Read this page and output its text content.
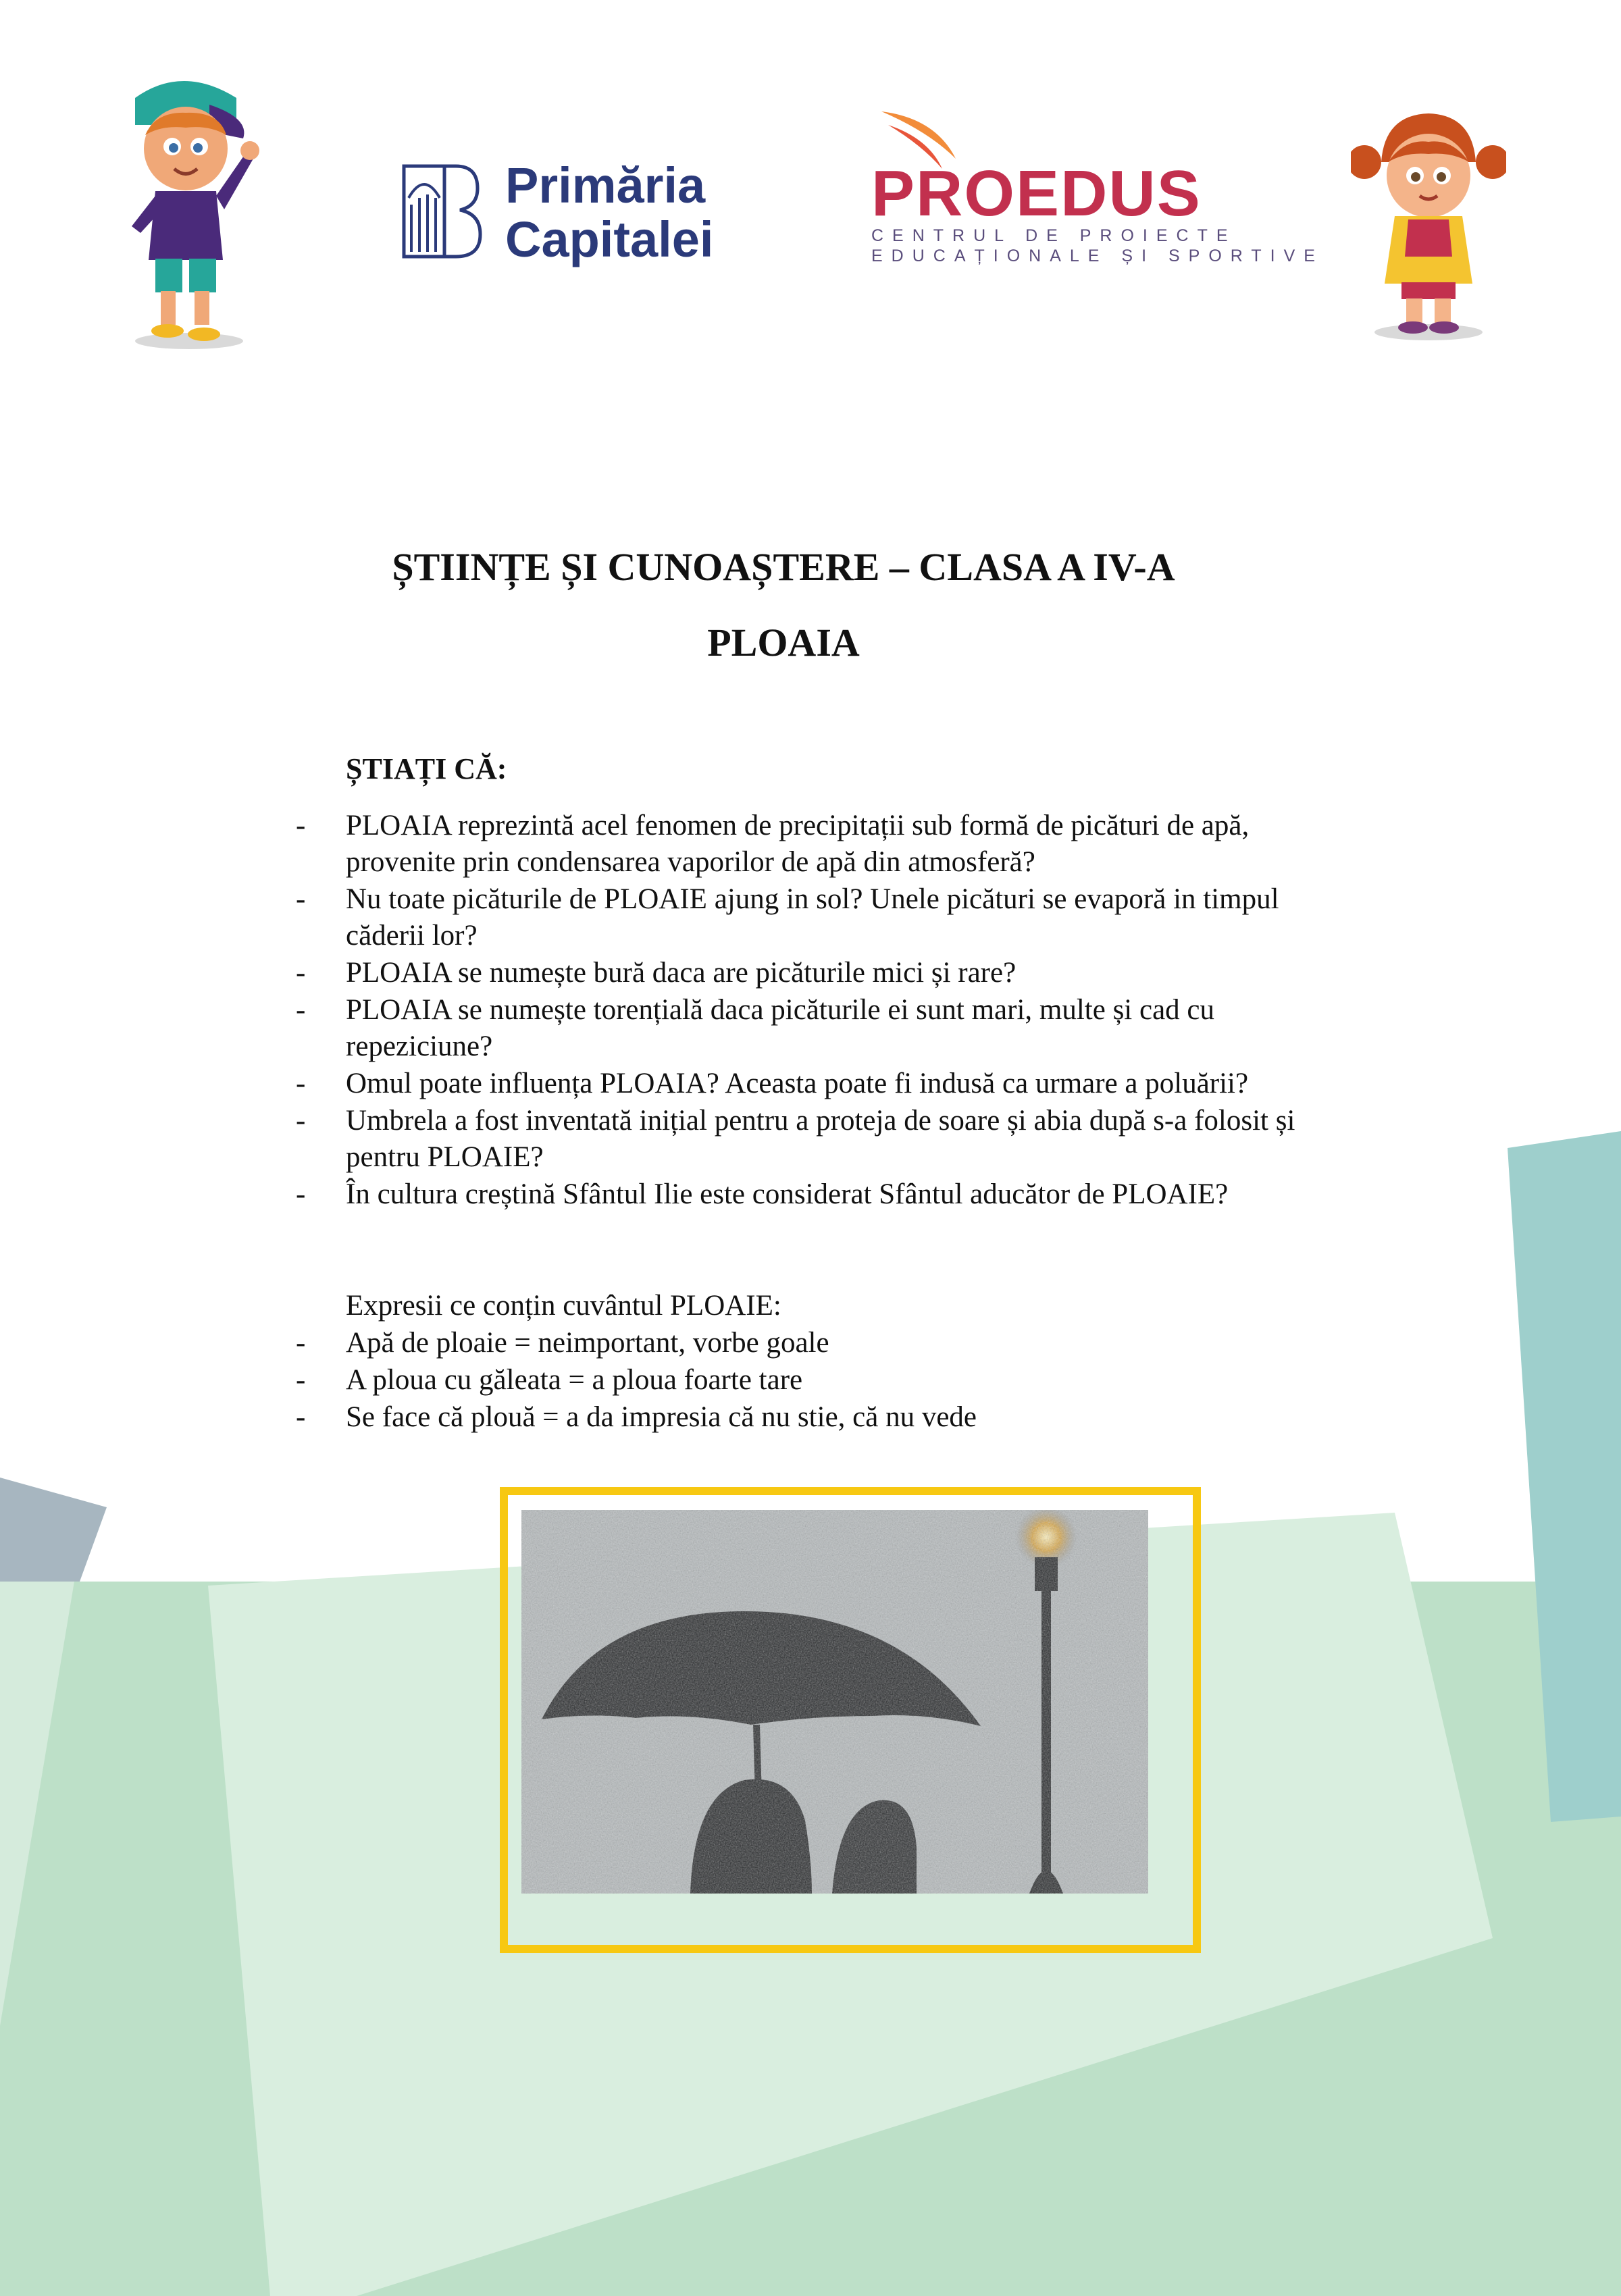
Primăria
Capitalei
PROEDUS
CENTRUL DE PROIECTE
EDUCAȚIONALE ȘI SPORTIVE
ȘTIINȚE ȘI CUNOAȘTERE – CLASA A IV-A
PLOAIA
ȘTIAȚI CĂ:
-	PLOAIA reprezintă acel fenomen de precipitații sub formă de picături de apă,
provenite prin condensarea vaporilor de apă din atmosferă?
-	Nu toate picăturile de PLOAIE ajung in sol? Unele picături se evaporă in timpul
căderii lor?
-	PLOAIA se numește bură daca are picăturile mici și rare?
-	PLOAIA se numește torențială daca picăturile ei sunt mari, multe și cad cu
repeziciune?
-	Omul poate influența PLOAIA? Aceasta poate fi indusă ca urmare a poluării?
-	Umbrela a fost inventată inițial pentru a proteja de soare și abia după s-a folosit și
pentru PLOAIE?
-	În cultura creștină Sfântul Ilie este considerat Sfântul aducător de PLOAIE?
Expresii ce conțin cuvântul PLOAIE:
-	Apă de ploaie = neimportant, vorbe goale
-	A ploua cu găleata = a ploua foarte tare
-	Se face că plouă = a da impresia că nu stie, că nu vede
